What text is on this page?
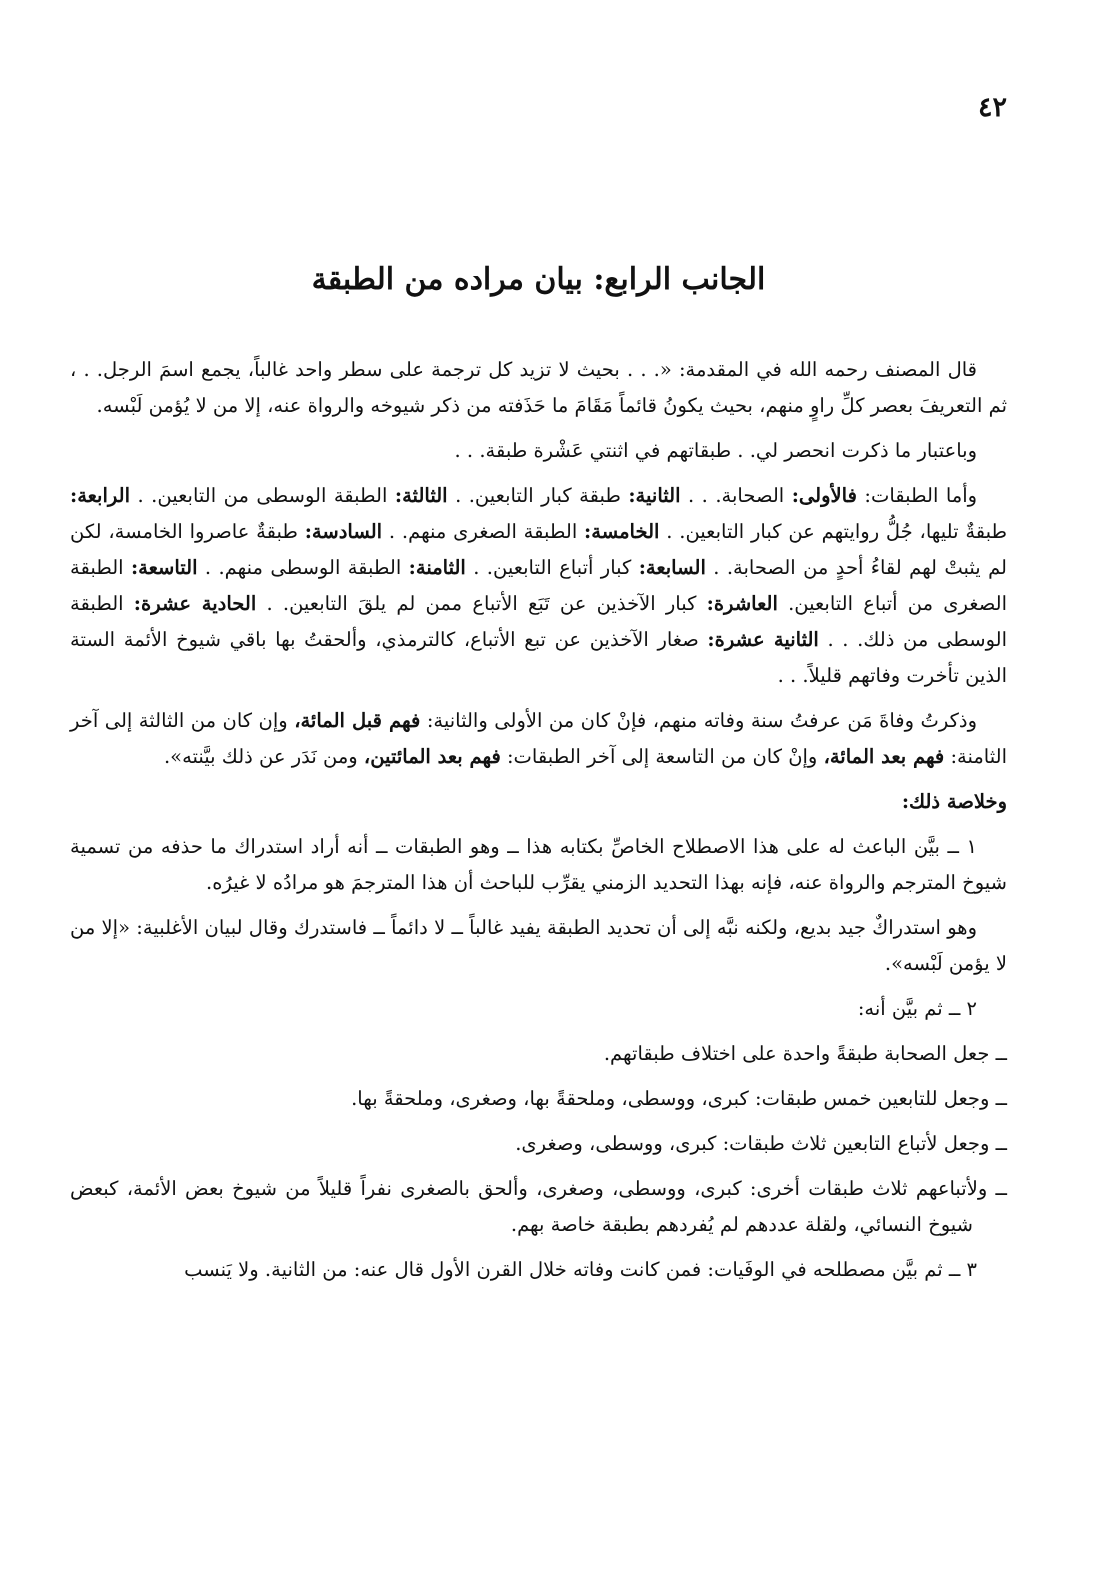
٤٢
الجانب الرابع: بيان مراده من الطبقة

قال المصنف رحمه الله في المقدمة: «. . . بحيث لا تزيد كل ترجمة على سطر واحد غالباً، يجمع اسمَ الرجل. . ، ثم التعريفَ بعصر كلِّ راوٍ منهم، بحيث يكونُ قائماً مَقَامَ ما حَذَفته من ذكر شيوخه والرواة عنه، إلا من لا يُؤمن لَبْسه.

وباعتبار ما ذكرت انحصر لي. . طبقاتهم في اثنتي عَشْرة طبقة. . .

وأما الطبقات: فالأولى: الصحابة. . . الثانية: طبقة كبار التابعين. . الثالثة: الطبقة الوسطى من التابعين. . الرابعة: طبقةٌ تليها، جُلُّ روايتهم عن كبار التابعين. . الخامسة: الطبقة الصغرى منهم. . السادسة: طبقةٌ عاصروا الخامسة، لكن لم يثبتْ لهم لقاءُ أحدٍ من الصحابة. . السابعة: كبار أتباع التابعين. . الثامنة: الطبقة الوسطى منهم. . التاسعة: الطبقة الصغرى من أتباع التابعين. العاشرة: كبار الآخذين عن تَبَع الأتباع ممن لم يلقَ التابعين. . الحادية عشرة: الطبقة الوسطى من ذلك. . . الثانية عشرة: صغار الآخذين عن تبع الأتباع، كالترمذي، وألحقتُ بها باقي شيوخ الأئمة الستة الذين تأخرت وفاتهم قليلاً. . .

وذكرتُ وفاةَ مَن عرفتُ سنة وفاته منهم، فإنْ كان من الأولى والثانية: فهم قبل المائة، وإن كان من الثالثة إلى آخر الثامنة: فهم بعد المائة، وإنْ كان من التاسعة إلى آخر الطبقات: فهم بعد المائتين، ومن نَدَر عن ذلك بيَّنته».

وخلاصة ذلك:

١ ــ بيَّن الباعث له على هذا الاصطلاح الخاصِّ بكتابه هذا ــ وهو الطبقات ــ أنه أراد استدراك ما حذفه من تسمية شيوخ المترجم والرواة عنه، فإنه بهذا التحديد الزمني يقرِّب للباحث أن هذا المترجمَ هو مرادُه لا غيرُه.

وهو استدراكٌ جيد بديع، ولكنه نبَّه إلى أن تحديد الطبقة يفيد غالباً ــ لا دائماً ــ فاستدرك وقال لبيان الأغلبية: «إلا من لا يؤمن لَبْسه».

٢ ــ ثم بيَّن أنه:

ــ جعل الصحابة طبقةً واحدة على اختلاف طبقاتهم.

ــ وجعل للتابعين خمس طبقات: كبرى، ووسطى، وملحقةً بها، وصغرى، وملحقةً بها.

ــ وجعل لأتباع التابعين ثلاث طبقات: كبرى، ووسطى، وصغرى.

ــ ولأتباعهم ثلاث طبقات أخرى: كبرى، ووسطى، وصغرى، وألحق بالصغرى نفراً قليلاً من شيوخ بعض الأئمة، كبعض شيوخ النسائي، ولقلة عددهم لم يُفردهم بطبقة خاصة بهم.

٣ ــ ثم بيَّن مصطلحه في الوفَيات: فمن كانت وفاته خلال القرن الأول قال عنه: من الثانية. ولا يَنسب
